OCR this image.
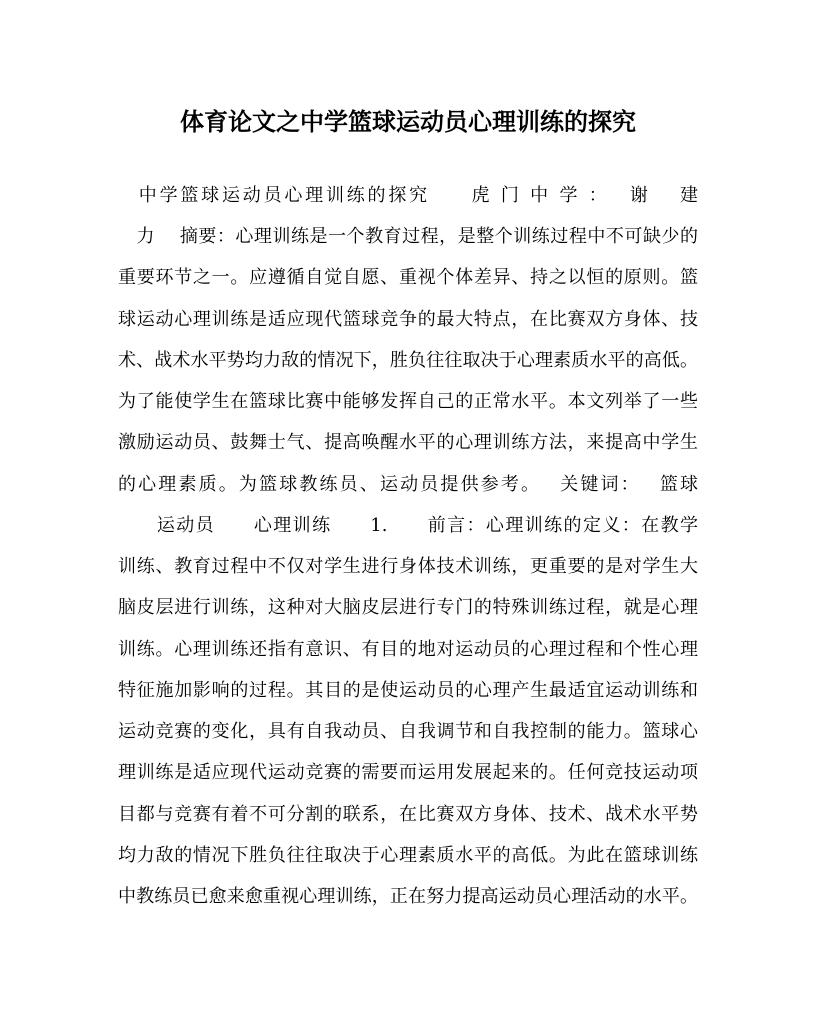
体育论文之中学篮球运动员心理训练的探究
　中学篮球运动员心理训练的探究　　虎 门 中 学 ：　 谢　 建
　力　 摘要：心理训练是一个教育过程，是整个训练过程中不可缺少的
重要环节之一。应遵循自觉自愿、重视个体差异、持之以恒的原则。篮
球运动心理训练是适应现代篮球竞争的最大特点，在比赛双方身体、技
术、战术水平势均力敌的情况下，胜负往往取决于心理素质水平的高低。
为了能使学生在篮球比赛中能够发挥自己的正常水平。本文列举了一些
激励运动员、鼓舞士气、提高唤醒水平的心理训练方法，来提高中学生
的心理素质。为篮球教练员、运动员提供参考。　 关键词：　 篮球
　　运动员　　心理训练　　1.　　前言：心理训练的定义：在教学
训练、教育过程中不仅对学生进行身体技术训练，更重要的是对学生大
脑皮层进行训练，这种对大脑皮层进行专门的特殊训练过程，就是心理
训练。心理训练还指有意识、有目的地对运动员的心理过程和个性心理
特征施加影响的过程。其目的是使运动员的心理产生最适宜运动训练和
运动竞赛的变化，具有自我动员、自我调节和自我控制的能力。篮球心
理训练是适应现代运动竞赛的需要而运用发展起来的。任何竞技运动项
目都与竞赛有着不可分割的联系，在比赛双方身体、技术、战术水平势
均力敌的情况下胜负往往取决于心理素质水平的高低。为此在篮球训练
中教练员已愈来愈重视心理训练，正在努力提高运动员心理活动的水平。
